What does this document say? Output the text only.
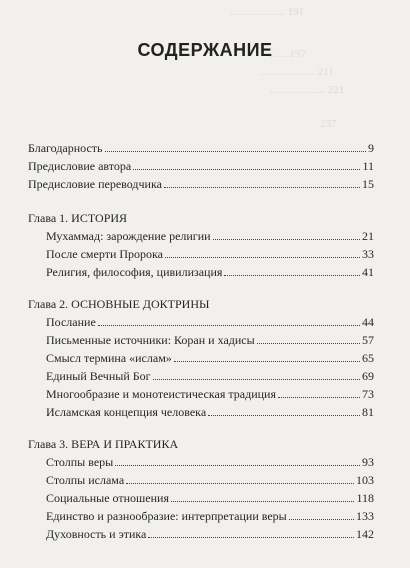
.................... 191
...... 197
.................... 211
.................... 221
237
СОДЕРЖАНИЕ
Благодарность	9
Предисловие автора	11
Предисловие переводчика	15
Глава 1. ИСТОРИЯ
Мухаммад: зарождение религии	21
После смерти Пророка	33
Религия, философия, цивилизация	41
Глава 2. ОСНОВНЫЕ ДОКТРИНЫ
Послание	44
Письменные источники: Коран и хадисы	57
Смысл термина «ислам»	65
Единый Вечный Бог	69
Многообразие и монотеистическая традиция	73
Исламская концепция человека	81
Глава 3. ВЕРА И ПРАКТИКА
Столпы веры	93
Столпы ислама	103
Социальные отношения	118
Единство и разнообразие: интерпретации веры	133
Духовность и этика	142
